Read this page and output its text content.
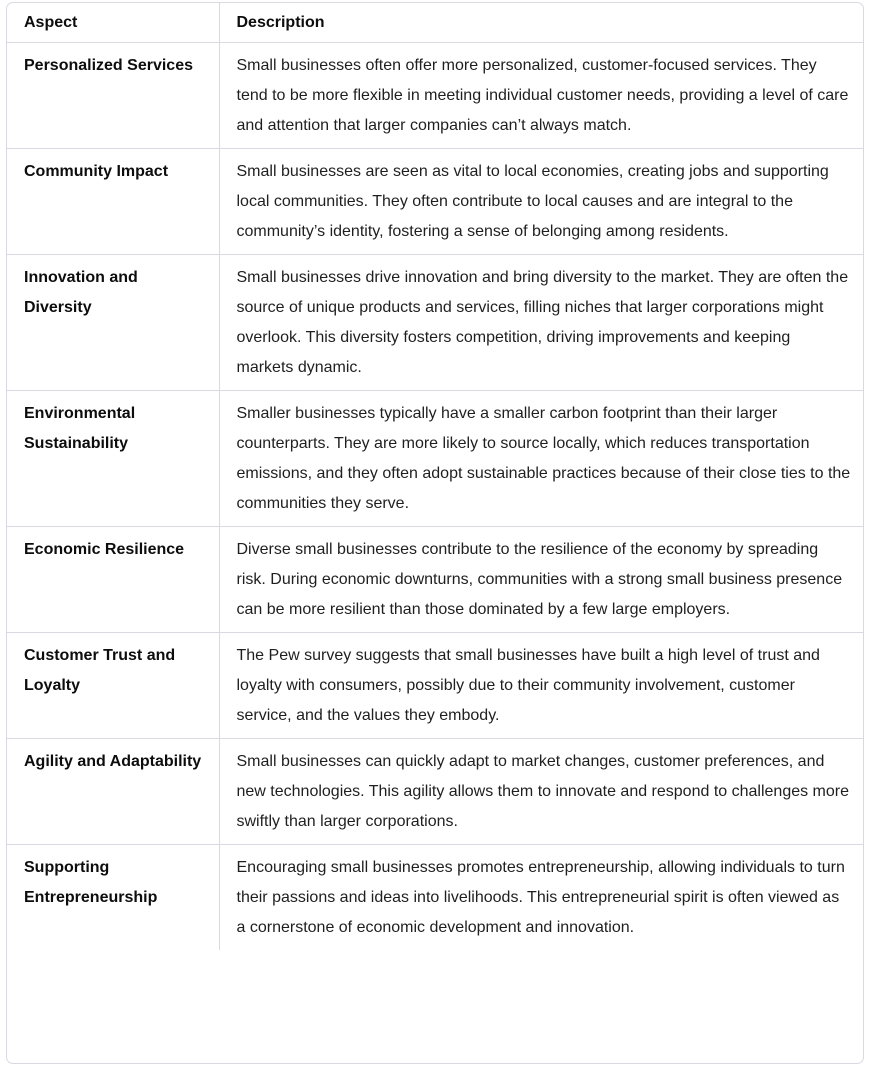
Aspect	Description
Personalized Services	Small businesses often offer more personalized, customer-focused services. They tend to be more flexible in meeting individual customer needs, providing a level of care and attention that larger companies can’t always match.
Community Impact	Small businesses are seen as vital to local economies, creating jobs and supporting local communities. They often contribute to local causes and are integral to the community’s identity, fostering a sense of belonging among residents.
Innovation and Diversity	Small businesses drive innovation and bring diversity to the market. They are often the source of unique products and services, filling niches that larger corporations might overlook. This diversity fosters competition, driving improvements and keeping markets dynamic.
Environmental Sustainability	Smaller businesses typically have a smaller carbon footprint than their larger counterparts. They are more likely to source locally, which reduces transportation emissions, and they often adopt sustainable practices because of their close ties to the communities they serve.
Economic Resilience	Diverse small businesses contribute to the resilience of the economy by spreading risk. During economic downturns, communities with a strong small business presence can be more resilient than those dominated by a few large employers.
Customer Trust and Loyalty	The Pew survey suggests that small businesses have built a high level of trust and loyalty with consumers, possibly due to their community involvement, customer service, and the values they embody.
Agility and Adaptability	Small businesses can quickly adapt to market changes, customer preferences, and new technologies. This agility allows them to innovate and respond to challenges more swiftly than larger corporations.
Supporting Entrepreneurship	Encouraging small businesses promotes entrepreneurship, allowing individuals to turn their passions and ideas into livelihoods. This entrepreneurial spirit is often viewed as a cornerstone of economic development and innovation.
